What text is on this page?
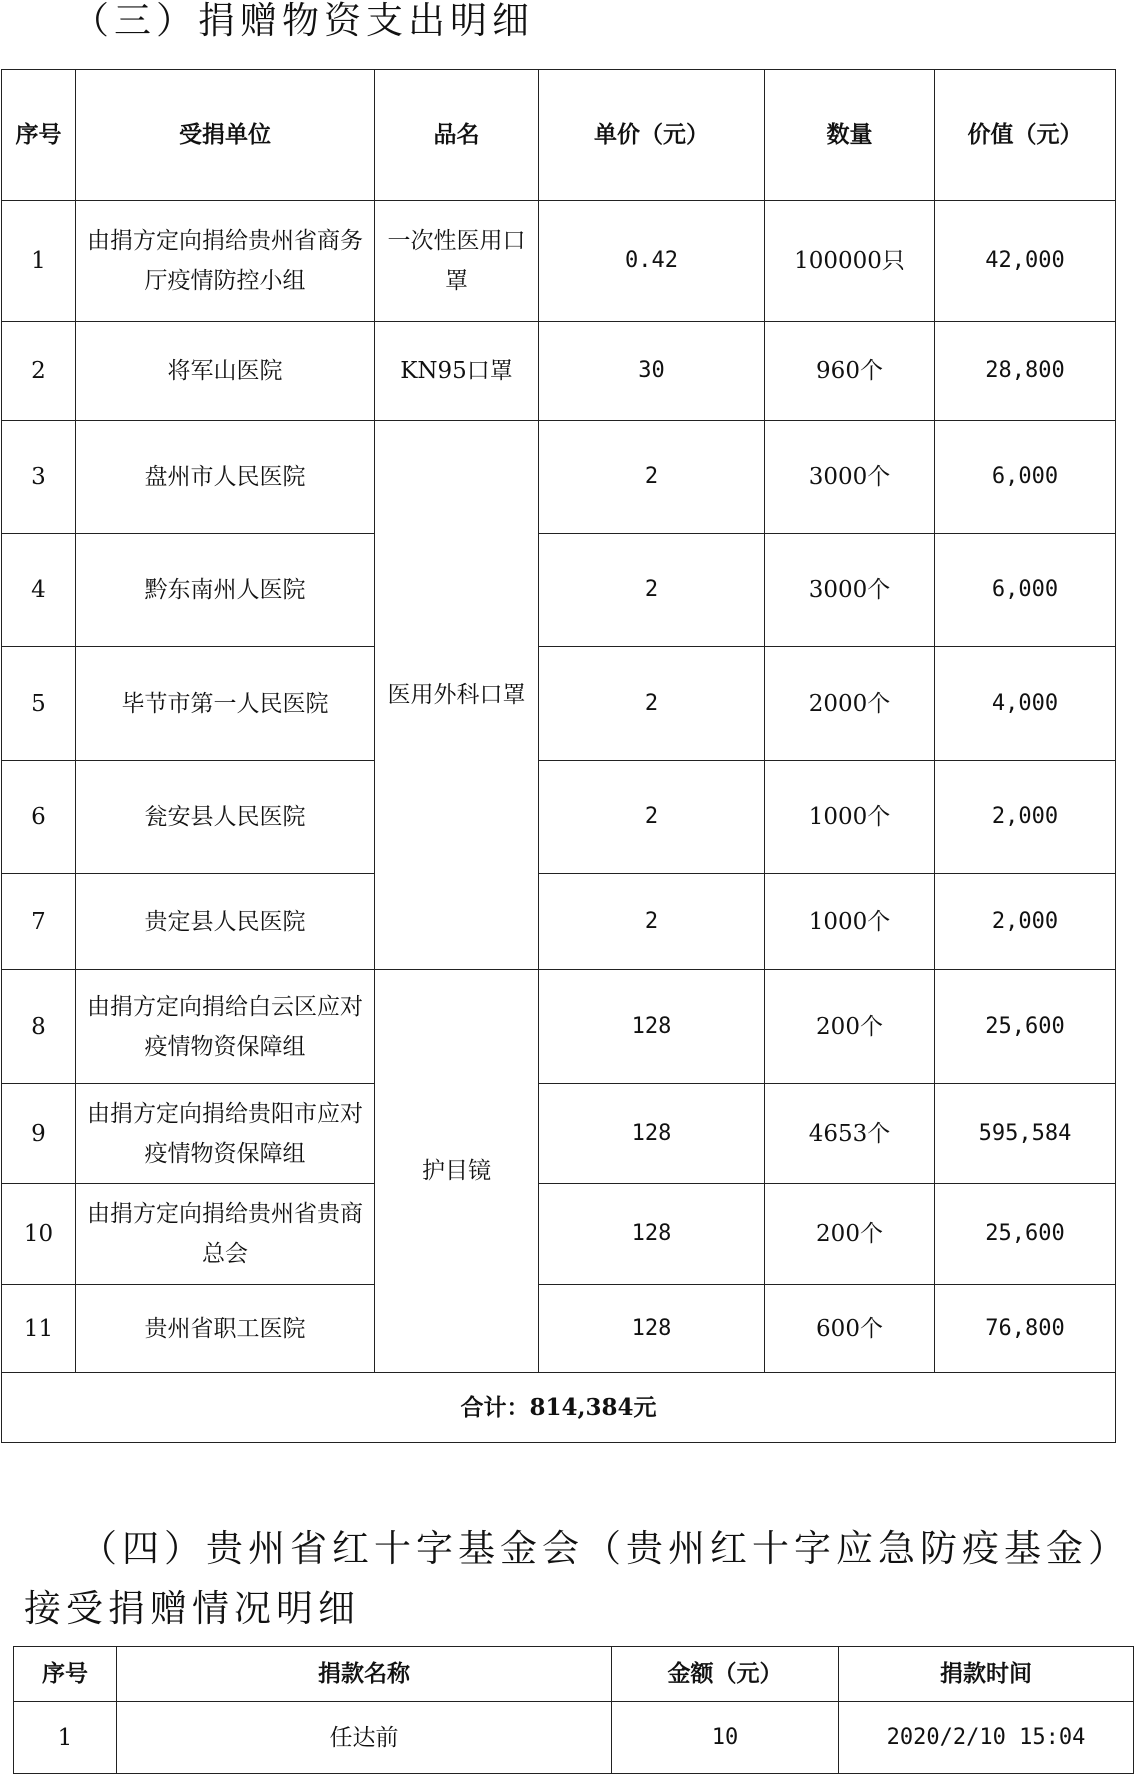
（三）捐赠物资支出明细
序号	受捐单位	品名	单价（元）	数量	价值（元）
1	由捐方定向捐给贵州省商务厅疫情防控小组	一次性医用口罩	0.42	100000只	42,000
2	将军山医院	KN95口罩	30	960个	28,800
3	盘州市人民医院	医用外科口罩	2	3000个	6,000
4	黔东南州人医院		2	3000个	6,000
5	毕节市第一人民医院		2	2000个	4,000
6	瓮安县人民医院		2	1000个	2,000
7	贵定县人民医院		2	1000个	2,000
8	由捐方定向捐给白云区应对疫情物资保障组	护目镜	128	200个	25,600
9	由捐方定向捐给贵阳市应对疫情物资保障组		128	4653个	595,584
10	由捐方定向捐给贵州省贵商总会		128	200个	25,600
11	贵州省职工医院		128	600个	76,800
合计：814,384元					
（四）贵州省红十字基金会（贵州红十字应急防疫基金）
接受捐赠情况明细
序号	捐款名称	金额（元）	捐款时间
1	任达前	10	2020/2/10 15:04
